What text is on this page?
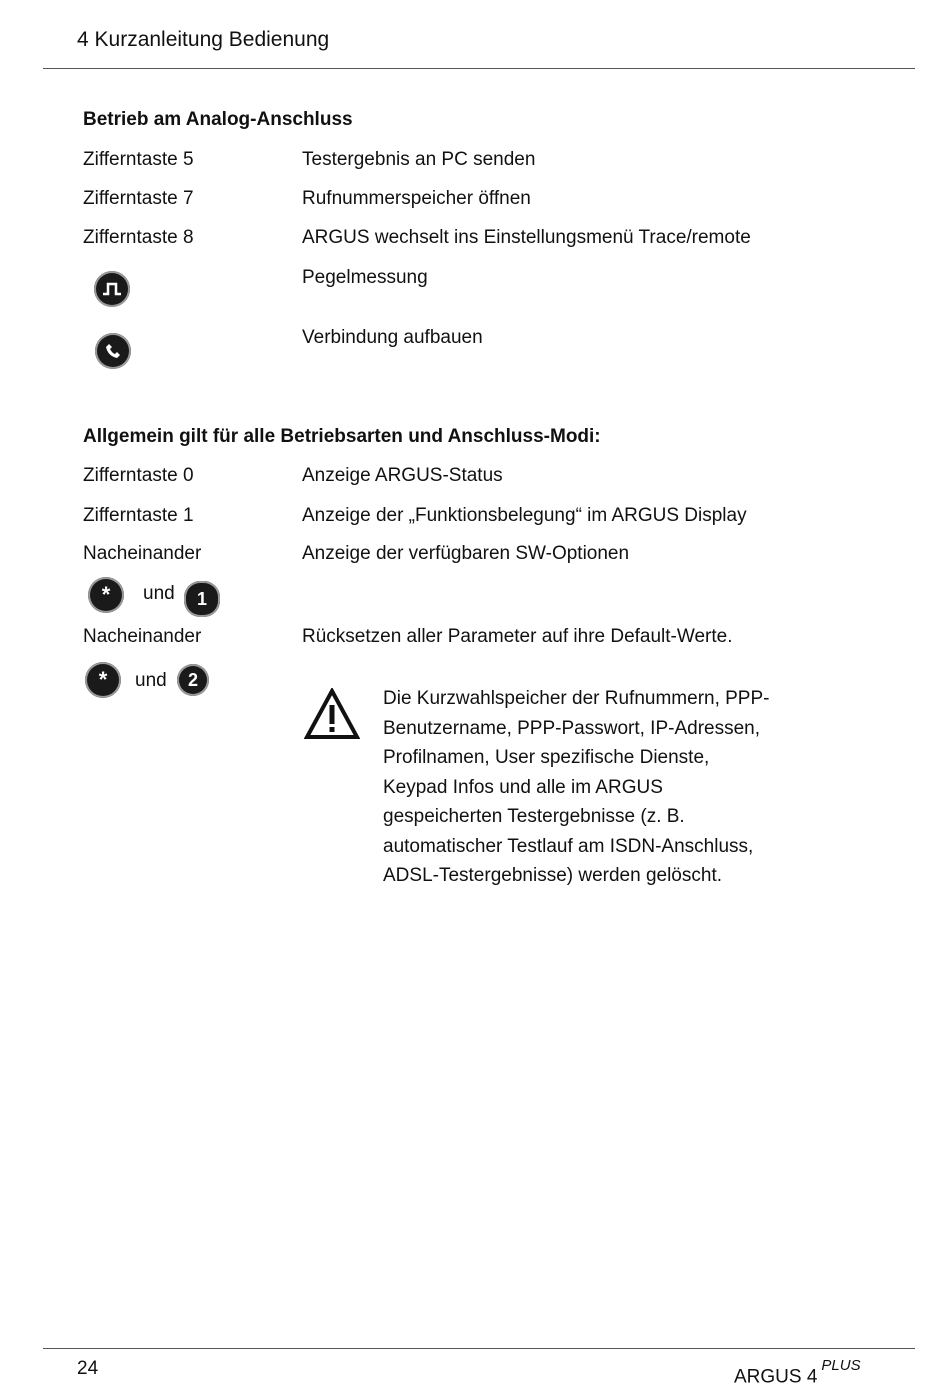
4 Kurzanleitung Bedienung
Betrieb am Analog-Anschluss
Zifferntaste 5	Testergebnis an PC senden
Zifferntaste 7	Rufnummerspeicher öffnen
Zifferntaste 8	ARGUS wechselt ins Einstellungsmenü Trace/remote
Pegelmessung
Verbindung aufbauen
Allgemein gilt für alle Betriebsarten und Anschluss-Modi:
Zifferntaste 0	Anzeige ARGUS-Status
Zifferntaste 1	Anzeige der „Funktionsbelegung“ im ARGUS Display
Nacheinander	Anzeige der verfügbaren SW-Optionen
* und 1
Nacheinander	Rücksetzen aller Parameter auf ihre Default-Werte.
* und 2
Die Kurzwahlspeicher der Rufnummern, PPP-
Benutzername, PPP-Passwort, IP-Adressen,
Profilnamen, User spezifische Dienste,
Keypad Infos und alle im ARGUS
gespeicherten Testergebnisse (z. B.
automatischer Testlauf am ISDN-Anschluss,
ADSL-Testergebnisse) werden gelöscht.
24	ARGUS $4^{PLUS}$
